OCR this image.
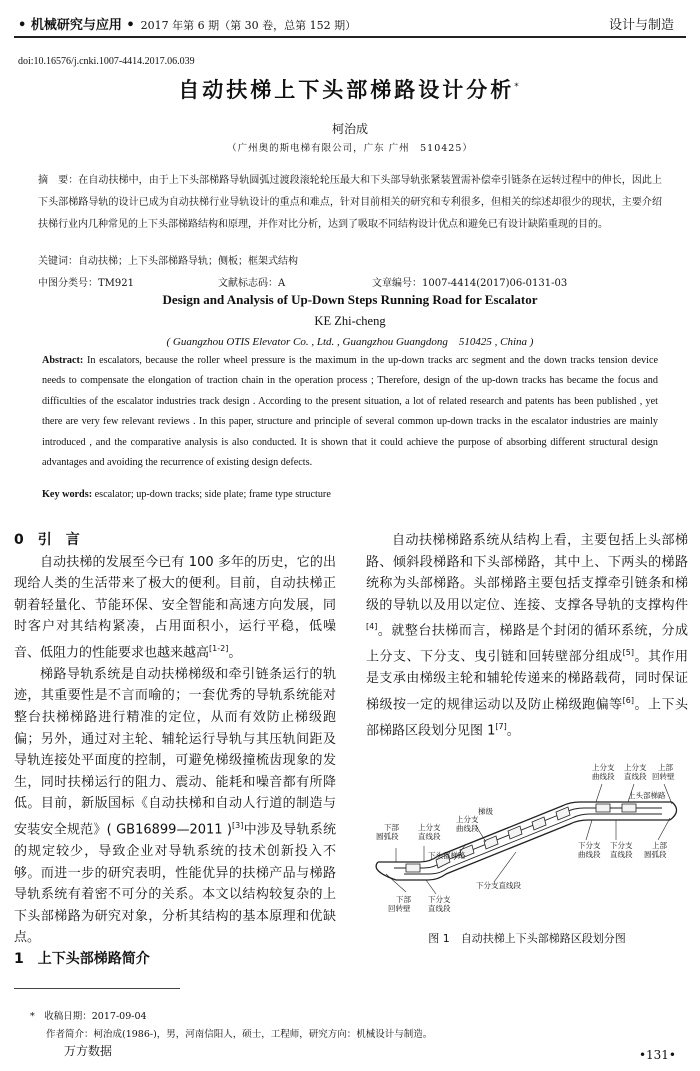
• 机械研究与应用 • 2017 年第 6 期（第 30 卷，总第 152 期）	设计与制造
doi:10.16576/j.cnki.1007-4414.2017.06.039
自动扶梯上下头部梯路设计分析*
柯治成
（广州奥的斯电梯有限公司，广东 广州　510425）
摘　要：在自动扶梯中，由于上下头部梯路导轨圆弧过渡段滚轮轮压最大和下头部导轨张紧装置需补偿牵引链条在运转过程中的伸长，因此上下头部梯路导轨的设计已成为自动扶梯行业导轨设计的重点和难点，针对目前相关的研究和专利很多，但相关的综述却很少的现状，主要介绍扶梯行业内几种常见的上下头部梯路结构和原理，并作对比分析，达到了吸取不同结构设计优点和避免已有设计缺陷重现的目的。
关键词：自动扶梯；上下头部梯路导轨；侧板；框架式结构
中图分类号：TM921	文献标志码：A	文章编号：1007-4414(2017)06-0131-03
Design and Analysis of Up-Down Steps Running Road for Escalator
KE Zhi-cheng
( Guangzhou OTIS Elevator Co. , Ltd. , Guangzhou Guangdong　510425 , China )
Abstract: In escalators, because the roller wheel pressure is the maximum in the up-down tracks arc segment and the down tracks tension device needs to compensate the elongation of traction chain in the operation process ; Therefore, design of the up-down tracks has became the focus and difficulties of the escalator industries track design . According to the present situation, a lot of related research and patents has been published , yet there are very few relevant reviews . In this paper, structure and principle of several common up-down tracks in the escalator industries are mainly introduced , and the comparative analysis is also conducted. It is shown that it could achieve the purpose of absorbing different structural design advantages and avoiding the recurrence of existing design defects.
Key words: escalator; up-down tracks; side plate; frame type structure

0　引　言

自动扶梯的发展至今已有 100 多年的历史，它的出现给人类的生活带来了极大的便利。目前，自动扶梯正朝着轻量化、节能环保、安全智能和高速方向发展，同时客户对其结构紧凑，占用面积小，运行平稳，低噪音、低阻力的性能要求也越来越高[1-2]。

梯路导轨系统是自动扶梯梯级和牵引链条运行的轨迹，其重要性是不言而喻的；一套优秀的导轨系统能对整台扶梯梯路进行精准的定位，从而有效防止梯级跑偏；另外，通过对主轮、辅轮运行导轨与其压轨间距及导轨连接处平面度的控制，可避免梯级撞梳齿现象的发生，同时扶梯运行的阻力、震动、能耗和噪音都有所降低。目前，新版国标《自动扶梯和自动人行道的制造与安装安全规范》( GB16899—2011 )[3]中涉及导轨系统的规定较少，导致企业对导轨系统的技术创新投入不够。而进一步的研究表明，性能优异的扶梯产品与梯路导轨系统有着密不可分的关系。本文以结构较复杂的上下头部梯路为研究对象，分析其结构的基本原理和优缺点。

1　上下头部梯路简介

自动扶梯梯路系统从结构上看，主要包括上头部梯路、倾斜段梯路和下头部梯路，其中上、下两头的梯路统称为头部梯路。头部梯路主要包括支撑牵引链条和梯级的导轨以及用以定位、连接、支撑各导轨的支撑构件[4]。就整台扶梯而言，梯路是个封闭的循环系统，分成上分支、下分支、曳引链和回转壁部分组成[5]。其作用是支承由梯级主轮和辅轮传递来的梯路载荷，同时保证梯级按一定的规律运动以及防止梯级跑偏等[6]。上下头部梯路区段划分见图 1[7]。

上分支曲线段
上分支直线段
上部回转壁
上头部梯路
梯级
下部圆弧段
上分支直线段
上分支曲线段
下头部梯路
下部回转壁
下分支直线段
下分支直线段
下分支曲线段
下分支直线段
上部圆弧段
图 1　自动扶梯上下头部梯路区段划分图
*　 收稿日期：2017-09-04
作者简介：柯治成(1986-)，男，河南信阳人，硕士，工程师，研究方向：机械设计与制造。
万方数据	•131•
